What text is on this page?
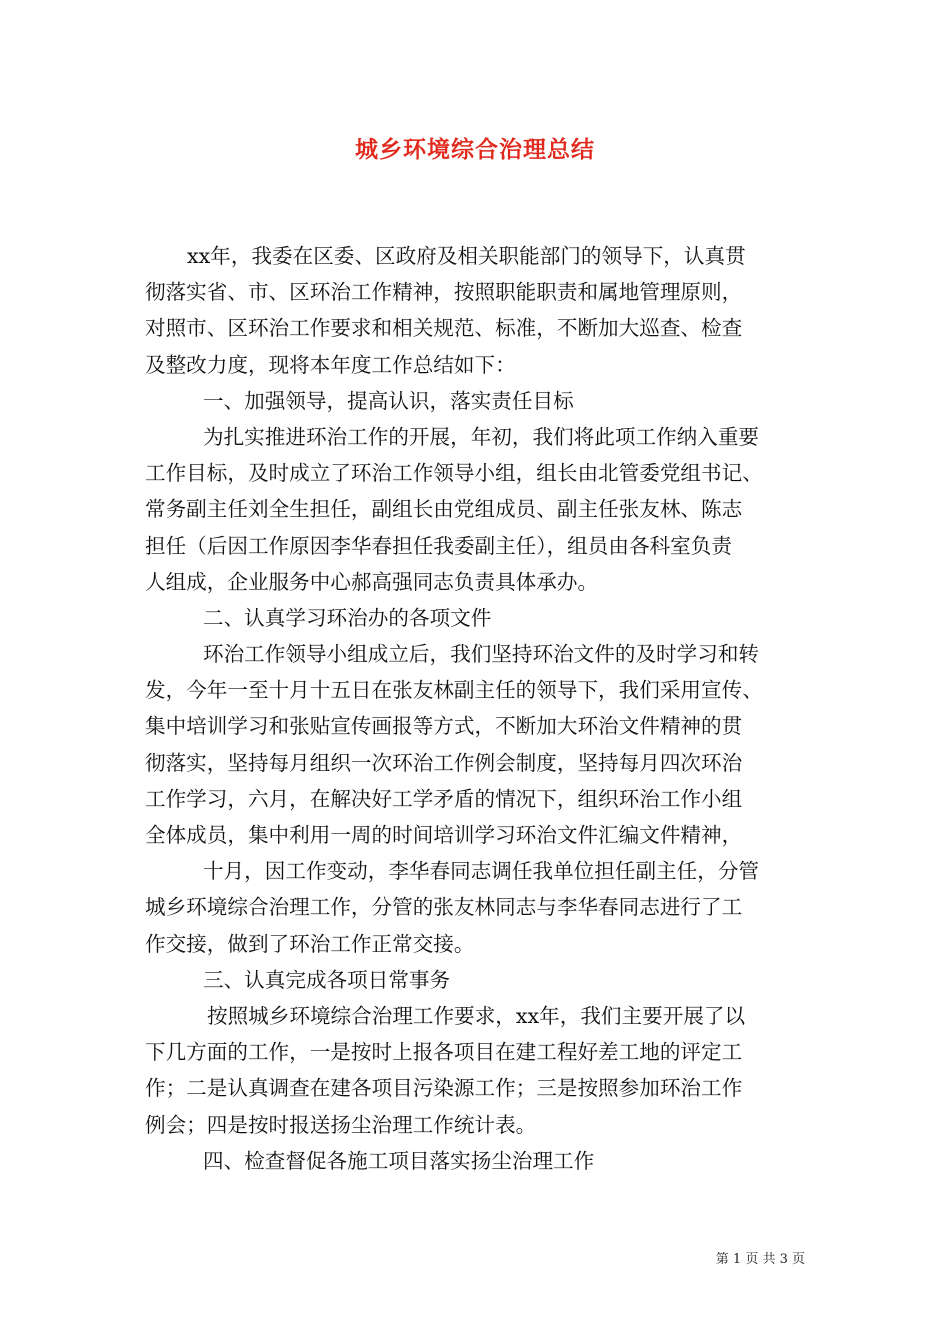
城乡环境综合治理总结
xx年，我委在区委、区政府及相关职能部门的领导下，认真贯
彻落实省、市、区环治工作精神，按照职能职责和属地管理原则，
对照市、区环治工作要求和相关规范、标准，不断加大巡查、检查
及整改力度，现将本年度工作总结如下：
一、加强领导，提高认识，落实责任目标
为扎实推进环治工作的开展，年初，我们将此项工作纳入重要
工作目标，及时成立了环治工作领导小组，组长由北管委党组书记、
常务副主任刘全生担任，副组长由党组成员、副主任张友林、陈志
担任（后因工作原因李华春担任我委副主任），组员由各科室负责
人组成，企业服务中心郝高强同志负责具体承办。
二、认真学习环治办的各项文件
环治工作领导小组成立后，我们坚持环治文件的及时学习和转
发，今年一至十月十五日在张友林副主任的领导下，我们采用宣传、
集中培训学习和张贴宣传画报等方式，不断加大环治文件精神的贯
彻落实，坚持每月组织一次环治工作例会制度，坚持每月四次环治
工作学习，六月，在解决好工学矛盾的情况下，组织环治工作小组
全体成员，集中利用一周的时间培训学习环治文件汇编文件精神，
十月，因工作变动，李华春同志调任我单位担任副主任，分管
城乡环境综合治理工作，分管的张友林同志与李华春同志进行了工
作交接，做到了环治工作正常交接。
三、认真完成各项日常事务
按照城乡环境综合治理工作要求，xx年，我们主要开展了以
下几方面的工作，一是按时上报各项目在建工程好差工地的评定工
作；二是认真调查在建各项目污染源工作；三是按照参加环治工作
例会；四是按时报送扬尘治理工作统计表。
四、检查督促各施工项目落实扬尘治理工作
第 1 页 共 3 页
